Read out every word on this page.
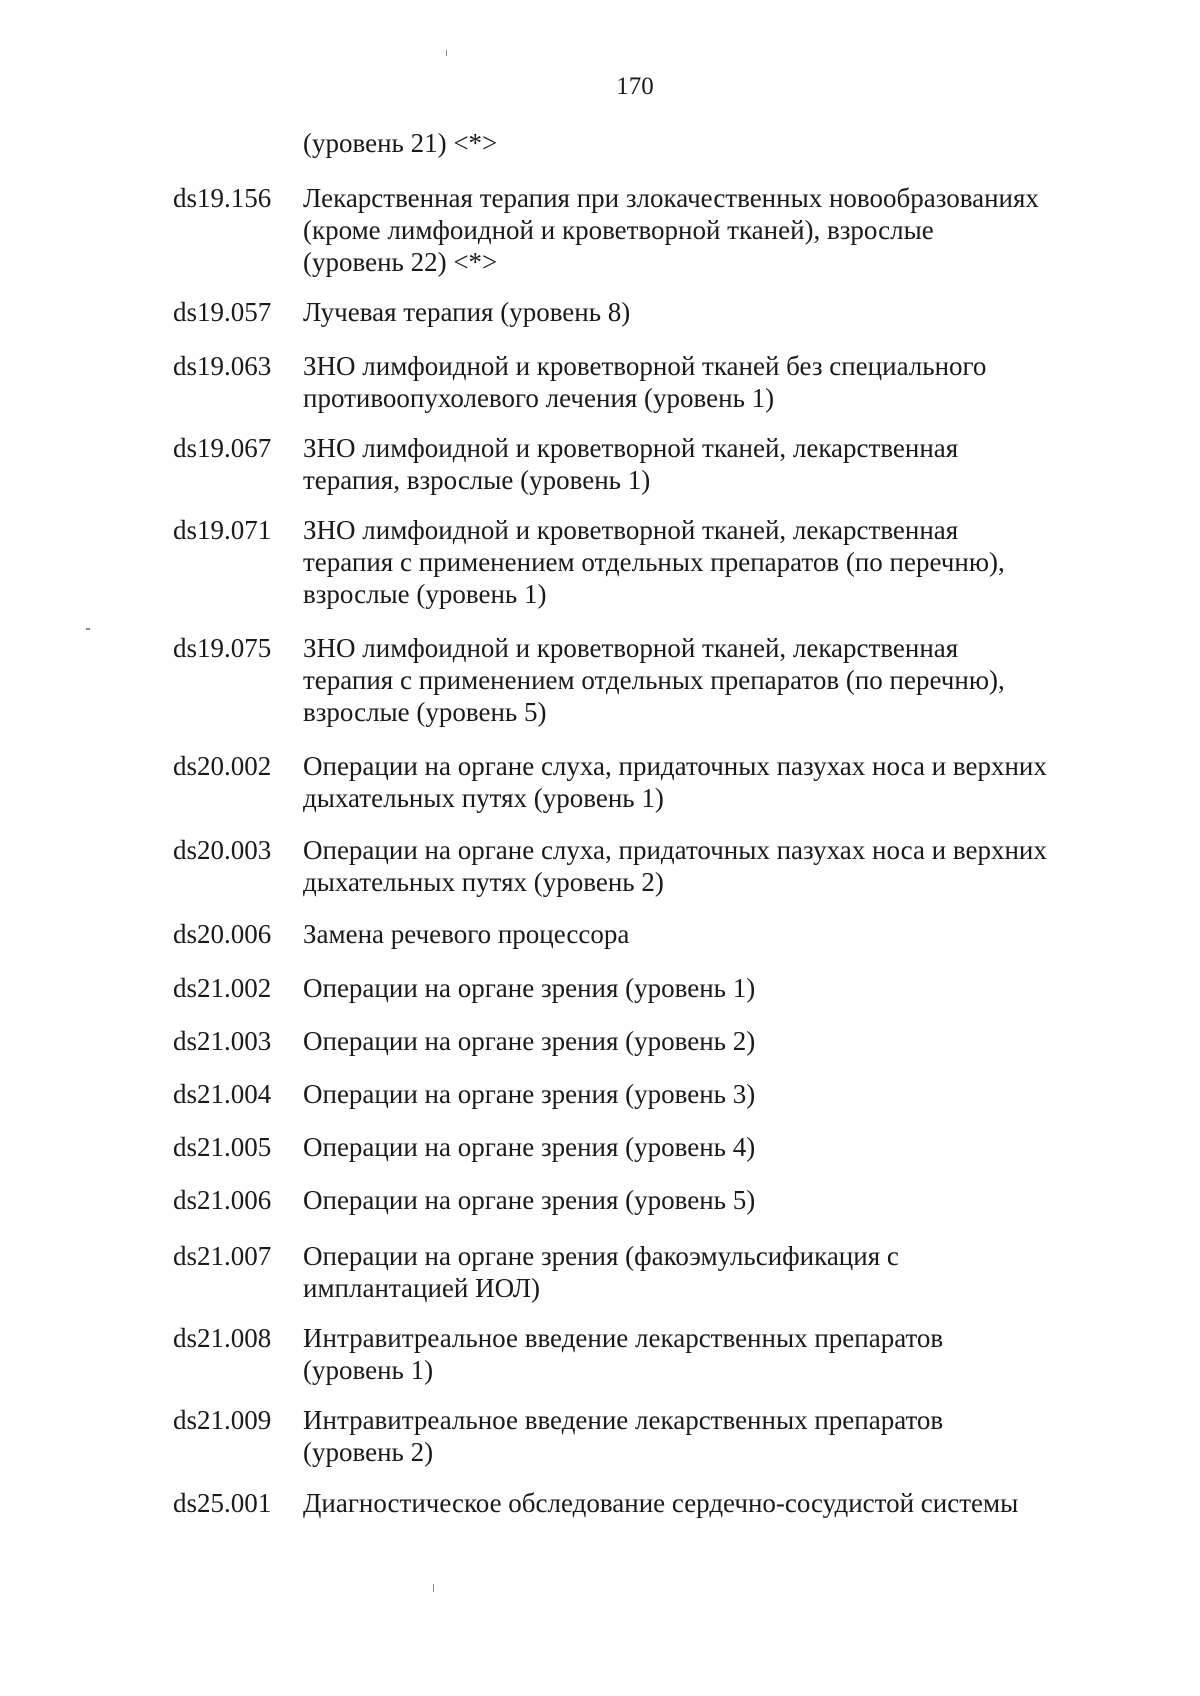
170
(уровень 21) <*>
ds19.156 Лекарственная терапия при злокачественных новообразованиях
(кроме лимфоидной и кроветворной тканей), взрослые
(уровень 22) <*>
ds19.057 Лучевая терапия (уровень 8)
ds19.063 ЗНО лимфоидной и кроветворной тканей без специального
противоопухолевого лечения (уровень 1)
ds19.067 ЗНО лимфоидной и кроветворной тканей, лекарственная
терапия, взрослые (уровень 1)
ds19.071 ЗНО лимфоидной и кроветворной тканей, лекарственная
терапия с применением отдельных препаратов (по перечню),
взрослые (уровень 1)
ds19.075 ЗНО лимфоидной и кроветворной тканей, лекарственная
терапия с применением отдельных препаратов (по перечню),
взрослые (уровень 5)
ds20.002 Операции на органе слуха, придаточных пазухах носа и верхних
дыхательных путях (уровень 1)
ds20.003 Операции на органе слуха, придаточных пазухах носа и верхних
дыхательных путях (уровень 2)
ds20.006 Замена речевого процессора
ds21.002 Операции на органе зрения (уровень 1)
ds21.003 Операции на органе зрения (уровень 2)
ds21.004 Операции на органе зрения (уровень 3)
ds21.005 Операции на органе зрения (уровень 4)
ds21.006 Операции на органе зрения (уровень 5)
ds21.007 Операции на органе зрения (факоэмульсификация с
имплантацией ИОЛ)
ds21.008 Интравитреальное введение лекарственных препаратов
(уровень 1)
ds21.009 Интравитреальное введение лекарственных препаратов
(уровень 2)
ds25.001 Диагностическое обследование сердечно-сосудистой системы
